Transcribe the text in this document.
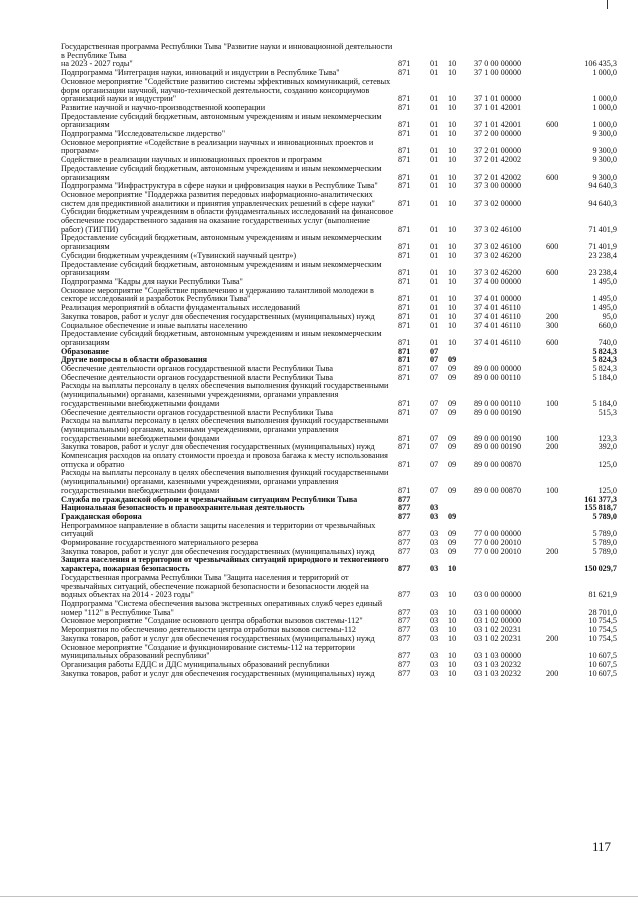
Государственная программа Республики Тыва "Развитие науки и инновационной деятельности в Республике Тыва
на 2023 - 2027 годы"	871 01 10 37 0 00 00000	106 435,3
Подпрограмма "Интеграция науки, инноваций и индустрии в Республике Тыва"	871 01 10 37 1 00 00000	1 000,0
Основное мероприятие "Содействие развитию системы эффективных коммуникаций, сетевых форм организации научной, научно-технической деятельности, созданию консорциумов организаций науки и индустрии"	871 01 10 37 1 01 00000	1 000,0
Развитие научной и научно-производственной кооперации	871 01 10 37 1 01 42001	1 000,0
Предоставление субсидий бюджетным, автономным учреждениям и иным некоммерческим организациям	871 01 10 37 1 01 42001	600	1 000,0
Подпрограмма "Исследовательское лидерство"	871 01 10 37 2 00 00000	9 300,0
Основное мероприятие «Содействие в реализации научных и инновационных проектов и программ»	871 01 10 37 2 01 00000	9 300,0
Содействие в реализации научных и инновационных проектов и программ	871 01 10 37 2 01 42002	9 300,0
Предоставление субсидий бюджетным, автономным учреждениям и иным некоммерческим организациям	871 01 10 37 2 01 42002	600	9 300,0
Подпрограмма "Инфраструктура в сфере науки и цифровизация науки в Республике Тыва"	871 01 10 37 3 00 00000	94 640,3
Основное мероприятие "Поддержка развития передовых информационно-аналитических систем для предиктивной аналитики и принятия управленческих решений в сфере науки"	871 01 10 37 3 02 00000	94 640,3
Субсидии бюджетным учреждениям в области фундаментальных исследований на финансовое обеспечение государственного задания на оказание государственных услуг (выполнение работ) (ТИГПИ)	871 01 10 37 3 02 46100	71 401,9
Предоставление субсидий бюджетным, автономным учреждениям и иным некоммерческим организациям	871 01 10 37 3 02 46100	600	71 401,9
Субсидии бюджетным учреждениям («Тувинский научный центр»)	871 01 10 37 3 02 46200	23 238,4
Предоставление субсидий бюджетным, автономным учреждениям и иным некоммерческим организациям	871 01 10 37 3 02 46200	600	23 238,4
Подпрограмма "Кадры для науки Республики Тыва"	871 01 10 37 4 00 00000	1 495,0
Основное мероприятие "Содействие привлечению и удержанию талантливой молодежи в секторе исследований и разработок Республики Тыва"	871 01 10 37 4 01 00000	1 495,0
Реализация мероприятий в области фундаментальных исследований	871 01 10 37 4 01 46110	1 495,0
Закупка товаров, работ и услуг для обеспечения государственных (муниципальных) нужд	871 01 10 37 4 01 46110	200	95,0
Социальное обеспечение и иные выплаты населению	871 01 10 37 4 01 46110	300	660,0
Предоставление субсидий бюджетным, автономным учреждениям и иным некоммерческим организациям	871 01 10 37 4 01 46110	600	740,0
Образование	871 07	5 824,3
Другие вопросы в области образования	871 07 09	5 824,3
Обеспечение деятельности органов государственной власти Республики Тыва	871 07 09 89 0 00 00000	5 824,3
Обеспечение деятельности органов государственной власти Республики Тыва	871 07 09 89 0 00 00110	5 184,0
Расходы на выплаты персоналу в целях обеспечения выполнения функций государственными (муниципальными) органами, казенными учреждениями, органами управления государственными внебюджетными фондами	871 07 09 89 0 00 00110	100	5 184,0
Обеспечение деятельности органов государственной власти Республики Тыва	871 07 09 89 0 00 00190	515,3
Расходы на выплаты персоналу в целях обеспечения выполнения функций государственными (муниципальными) органами, казенными учреждениями, органами управления государственными внебюджетными фондами	871 07 09 89 0 00 00190	100	123,3
Закупка товаров, работ и услуг для обеспечения государственных (муниципальных) нужд	871 07 09 89 0 00 00190	200	392,0
Компенсация расходов на оплату стоимости проезда и провоза багажа к месту использования отпуска и обратно	871 07 09 89 0 00 00870	125,0
Расходы на выплаты персоналу в целях обеспечения выполнения функций государственными (муниципальными) органами, казенными учреждениями, органами управления государственными внебюджетными фондами	871 07 09 89 0 00 00870	100	125,0
Служба по гражданской обороне и чрезвычайным ситуациям Республики Тыва	877	161 377,3
Национальная безопасность и правоохранительная деятельность	877 03	155 818,7
Гражданская оборона	877 03 09	5 789,0
Непрограммное направление в области защиты населения и территории от чрезвычайных ситуаций	877 03 09 77 0 00 00000	5 789,0
Формирование государственного материального резерва	877 03 09 77 0 00 20010	5 789,0
Закупка товаров, работ и услуг для обеспечения государственных (муниципальных) нужд	877 03 09 77 0 00 20010	200	5 789,0
Защита населения и территории от чрезвычайных ситуаций природного и техногенного характера, пожарная безопасность	877 03 10	150 029,7
Государственная программа Республики Тыва "Защита населения и территорий от чрезвычайных ситуаций, обеспечение пожарной безопасности и безопасности людей на водных объектах на 2014 - 2023 годы"	877 03 10 03 0 00 00000	81 621,9
Подпрограмма "Система обеспечения вызова экстренных оперативных служб через единый номер "112" в Республике Тыва"	877 03 10 03 1 00 00000	28 701,0
Основное мероприятие "Создание основного центра обработки вызовов системы-112"	877 03 10 03 1 02 00000	10 754,5
Мероприятия по обеспечению деятельности центра отработки вызовов системы-112	877 03 10 03 1 02 20231	10 754,5
Закупка товаров, работ и услуг для обеспечения государственных (муниципальных) нужд	877 03 10 03 1 02 20231	200	10 754,5
Основное мероприятие "Создание и функционирование системы-112 на территории муниципальных образований республики"	877 03 10 03 1 03 00000	10 607,5
Организация работы ЕДДС и ДДС муниципальных образований республики	877 03 10 03 1 03 20232	10 607,5
Закупка товаров, работ и услуг для обеспечения государственных (муниципальных) нужд	877 03 10 03 1 03 20232	200	10 607,5
117
